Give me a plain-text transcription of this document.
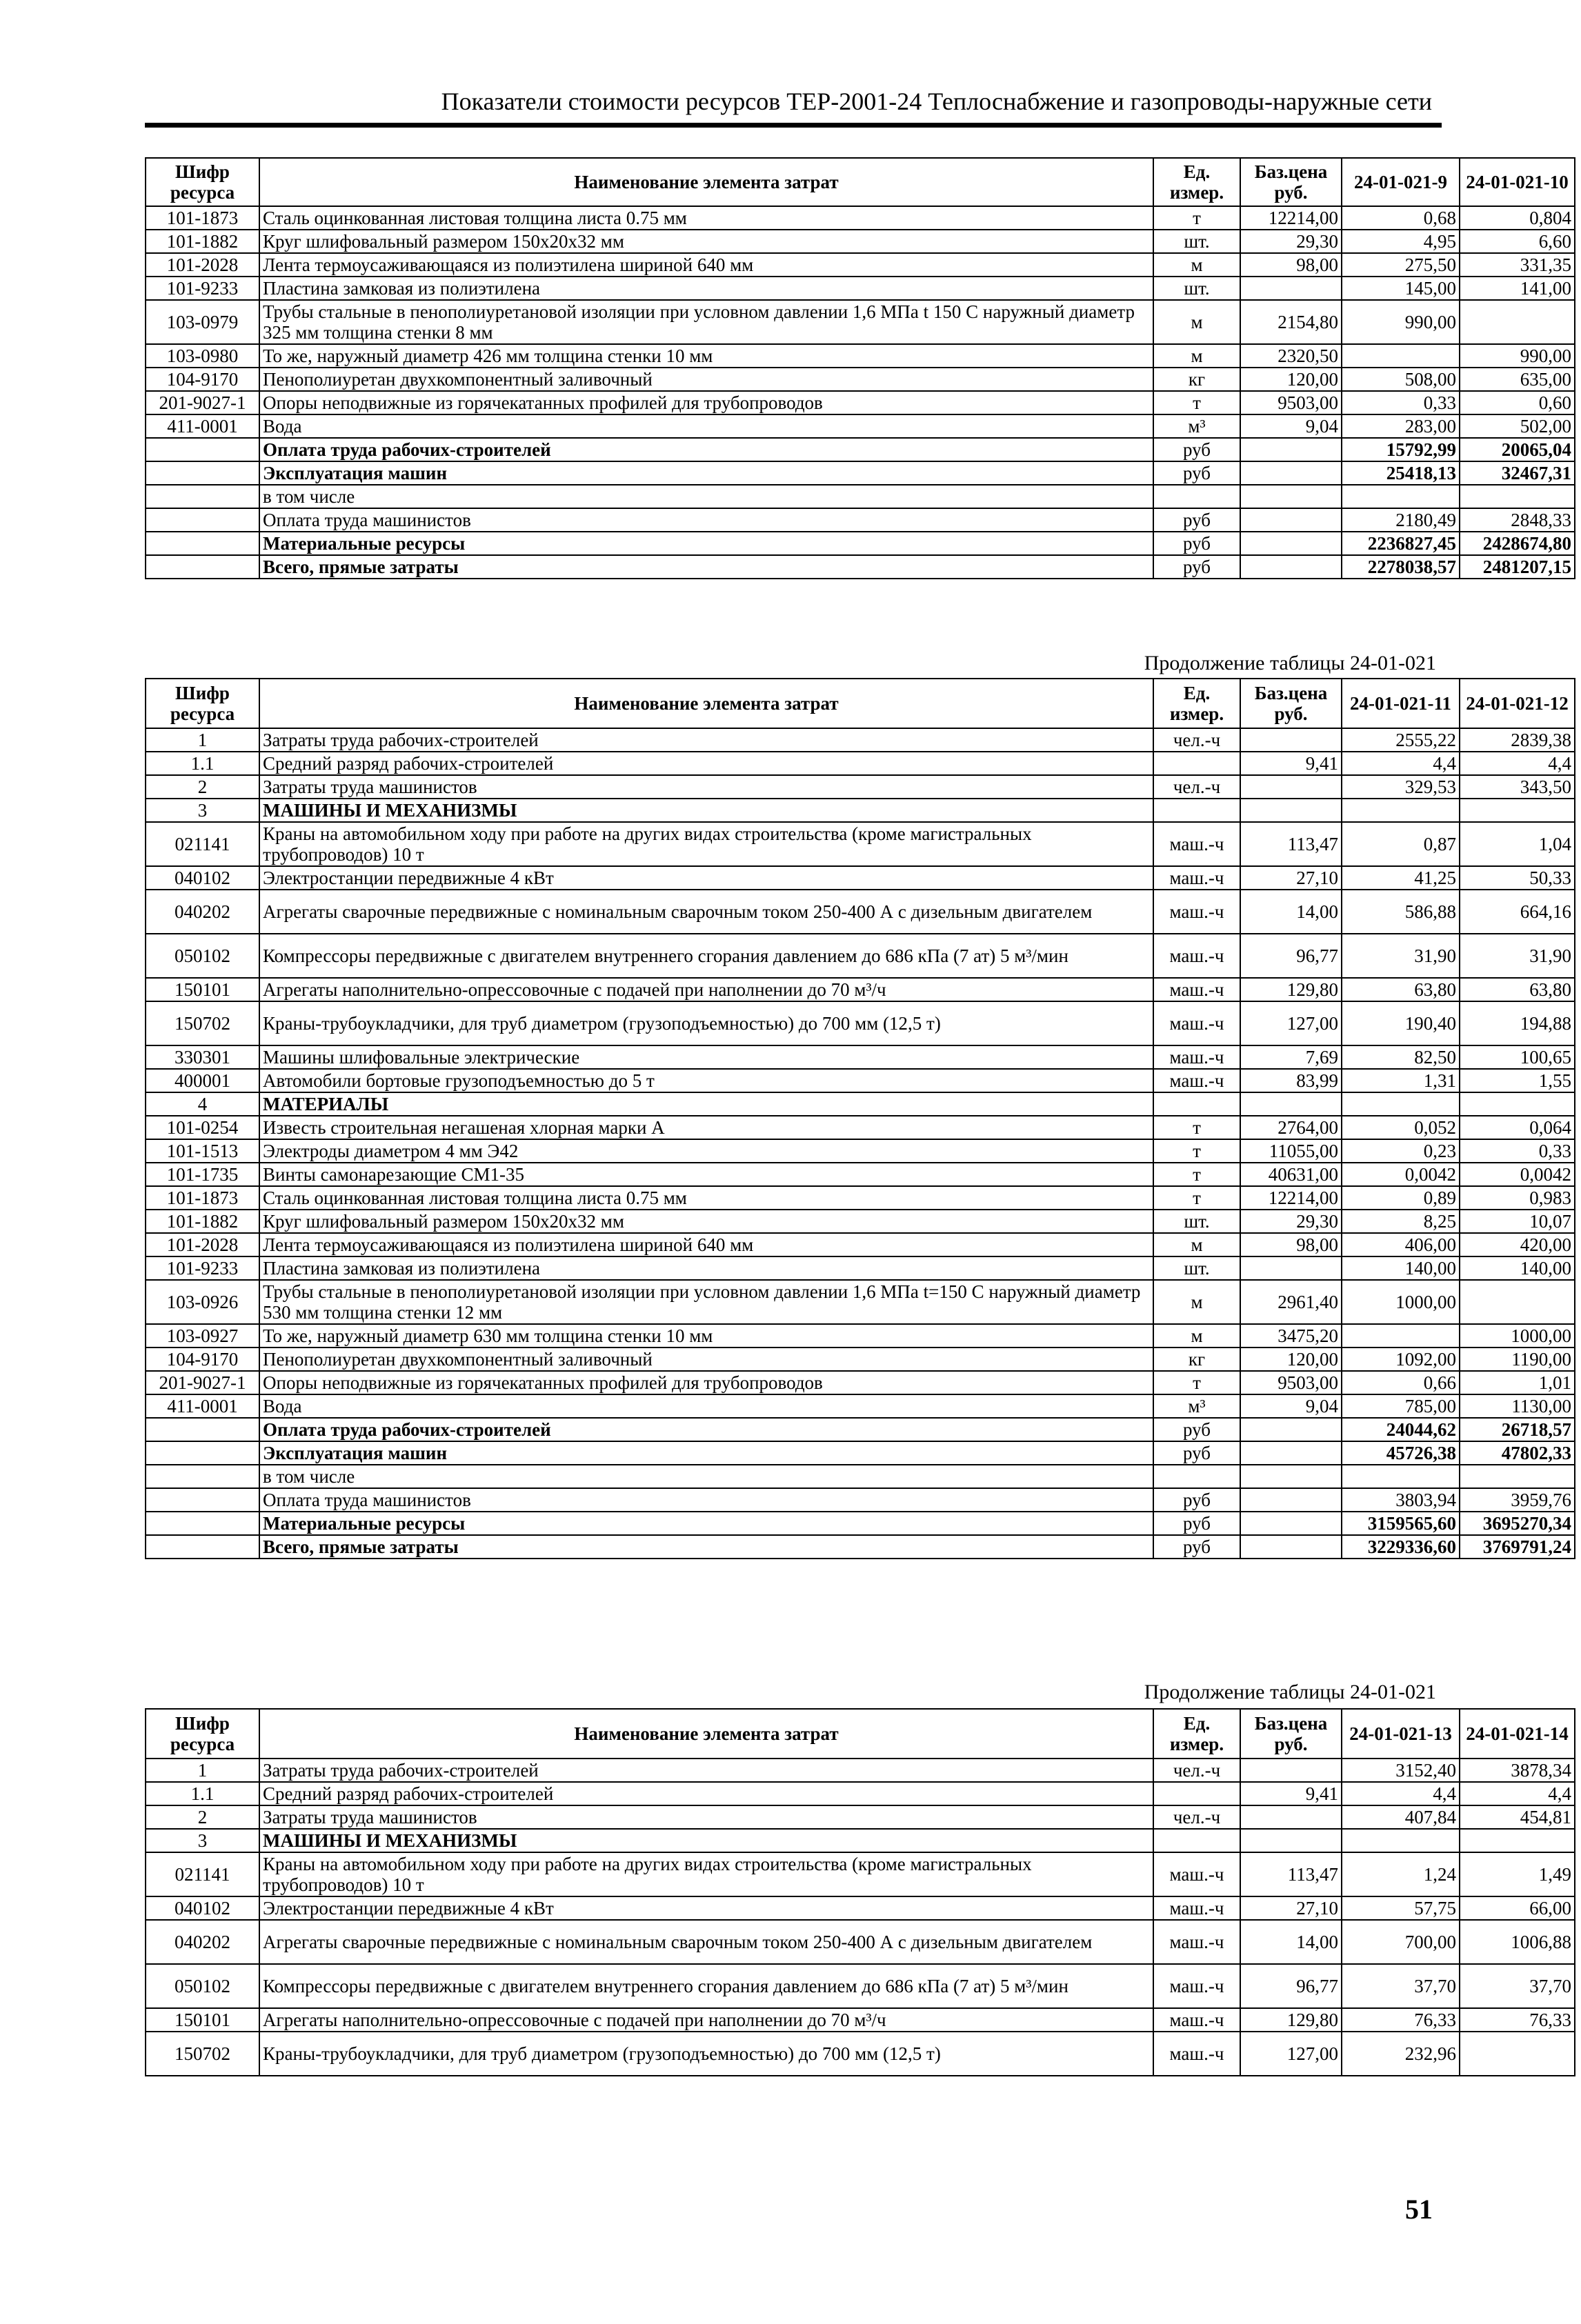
Показатели стоимости ресурсов ТЕР-2001-24 Теплоснабжение и газопроводы-наружные сети
Шифр ресурса	Наименование элемента затрат	Ед. измер.	Баз.цена руб.	24-01-021-9	24-01-021-10
101-1873	Сталь оцинкованная листовая толщина листа 0.75 мм	т	12214,00	0,68	0,804
101-1882	Круг шлифовальный размером 150x20x32 мм	шт.	29,30	4,95	6,60
101-2028	Лента термоусаживающаяся из полиэтилена шириной 640 мм	м	98,00	275,50	331,35
101-9233	Пластина замковая из полиэтилена	шт.		145,00	141,00
103-0979	Трубы стальные в пенополиуретановой изоляции при условном давлении 1,6 МПа t 150 С наружный диаметр 325 мм толщина стенки 8 мм	м	2154,80	990,00	
103-0980	То же, наружный диаметр 426 мм толщина стенки 10 мм	м	2320,50		990,00
104-9170	Пенополиуретан двухкомпонентный заливочный	кг	120,00	508,00	635,00
201-9027-1	Опоры неподвижные из горячекатанных профилей для трубопроводов	т	9503,00	0,33	0,60
411-0001	Вода	м³	9,04	283,00	502,00
	Оплата труда рабочих-строителей	руб		15792,99	20065,04
	Эксплуатация машин	руб		25418,13	32467,31
	в том числе				
	Оплата труда машинистов	руб		2180,49	2848,33
	Материальные ресурсы	руб		2236827,45	2428674,80
	Всего, прямые затраты	руб		2278038,57	2481207,15
Продолжение таблицы 24-01-021
Шифр ресурса	Наименование элемента затрат	Ед. измер.	Баз.цена руб.	24-01-021-11	24-01-021-12
1	Затраты труда рабочих-строителей	чел.-ч		2555,22	2839,38
1.1	Средний разряд рабочих-строителей		9,41	4,4	4,4
2	Затраты труда машинистов	чел.-ч		329,53	343,50
3	МАШИНЫ И МЕХАНИЗМЫ				
021141	Краны на автомобильном ходу при работе на других видах строительства (кроме магистральных трубопроводов) 10 т	маш.-ч	113,47	0,87	1,04
040102	Электростанции передвижные 4 кВт	маш.-ч	27,10	41,25	50,33
040202	Агрегаты сварочные передвижные с номинальным сварочным током 250-400 А с дизельным двигателем	маш.-ч	14,00	586,88	664,16
050102	Компрессоры передвижные с двигателем внутреннего сгорания давлением до 686 кПа (7 ат) 5 м³/мин	маш.-ч	96,77	31,90	31,90
150101	Агрегаты наполнительно-опрессовочные с подачей при наполнении до 70 м³/ч	маш.-ч	129,80	63,80	63,80
150702	Краны-трубоукладчики, для труб диаметром (грузоподъемностью) до 700 мм (12,5 т)	маш.-ч	127,00	190,40	194,88
330301	Машины шлифовальные электрические	маш.-ч	7,69	82,50	100,65
400001	Автомобили бортовые грузоподъемностью до 5 т	маш.-ч	83,99	1,31	1,55
4	МАТЕРИАЛЫ				
101-0254	Известь строительная негашеная хлорная марки А	т	2764,00	0,052	0,064
101-1513	Электроды диаметром 4 мм Э42	т	11055,00	0,23	0,33
101-1735	Винты самонарезающие СМ1-35	т	40631,00	0,0042	0,0042
101-1873	Сталь оцинкованная листовая толщина листа 0.75 мм	т	12214,00	0,89	0,983
101-1882	Круг шлифовальный размером 150x20x32 мм	шт.	29,30	8,25	10,07
101-2028	Лента термоусаживающаяся из полиэтилена шириной 640 мм	м	98,00	406,00	420,00
101-9233	Пластина замковая из полиэтилена	шт.		140,00	140,00
103-0926	Трубы стальные в пенополиуретановой изоляции при условном давлении 1,6 МПа t=150 С наружный диаметр 530 мм толщина стенки 12 мм	м	2961,40	1000,00	
103-0927	То же, наружный диаметр 630 мм толщина стенки 10 мм	м	3475,20		1000,00
104-9170	Пенополиуретан двухкомпонентный заливочный	кг	120,00	1092,00	1190,00
201-9027-1	Опоры неподвижные из горячекатанных профилей для трубопроводов	т	9503,00	0,66	1,01
411-0001	Вода	м³	9,04	785,00	1130,00
	Оплата труда рабочих-строителей	руб		24044,62	26718,57
	Эксплуатация машин	руб		45726,38	47802,33
	в том числе				
	Оплата труда машинистов	руб		3803,94	3959,76
	Материальные ресурсы	руб		3159565,60	3695270,34
	Всего, прямые затраты	руб		3229336,60	3769791,24
Продолжение таблицы 24-01-021
Шифр ресурса	Наименование элемента затрат	Ед. измер.	Баз.цена руб.	24-01-021-13	24-01-021-14
1	Затраты труда рабочих-строителей	чел.-ч		3152,40	3878,34
1.1	Средний разряд рабочих-строителей		9,41	4,4	4,4
2	Затраты труда машинистов	чел.-ч		407,84	454,81
3	МАШИНЫ И МЕХАНИЗМЫ				
021141	Краны на автомобильном ходу при работе на других видах строительства (кроме магистральных трубопроводов) 10 т	маш.-ч	113,47	1,24	1,49
040102	Электростанции передвижные 4 кВт	маш.-ч	27,10	57,75	66,00
040202	Агрегаты сварочные передвижные с номинальным сварочным током 250-400 А с дизельным двигателем	маш.-ч	14,00	700,00	1006,88
050102	Компрессоры передвижные с двигателем внутреннего сгорания давлением до 686 кПа (7 ат) 5 м³/мин	маш.-ч	96,77	37,70	37,70
150101	Агрегаты наполнительно-опрессовочные с подачей при наполнении до 70 м³/ч	маш.-ч	129,80	76,33	76,33
150702	Краны-трубоукладчики, для труб диаметром (грузоподъемностью) до 700 мм (12,5 т)	маш.-ч	127,00	232,96	
51
